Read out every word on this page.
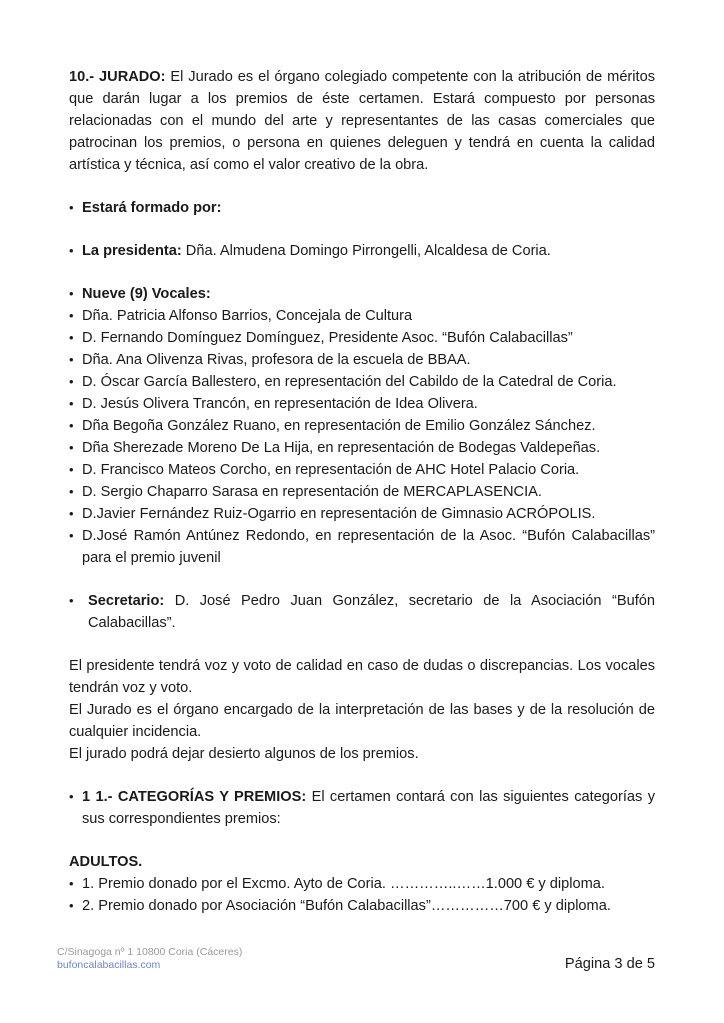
10.- JURADO: El Jurado es el órgano colegiado competente con la atribución de méritos que darán lugar a los premios de éste certamen. Estará compuesto por personas relacionadas con el mundo del arte y representantes de las casas comerciales que patrocinan los premios, o persona en quienes deleguen y tendrá en cuenta la calidad artística y técnica, así como el valor creativo de la obra.

• Estará formado por:

• La presidenta: Dña. Almudena Domingo Pirrongelli, Alcaldesa de Coria.

• Nueve (9) Vocales:

• Dña. Patricia Alfonso Barrios, Concejala de Cultura

• D. Fernando Domínguez Domínguez, Presidente Asoc. “Bufón Calabacillas”

• Dña. Ana Olivenza Rivas, profesora de la escuela de BBAA.

• D. Óscar García Ballestero, en representación del Cabildo de la Catedral de Coria.

• D. Jesús Olivera Trancón, en representación de Idea Olivera.

• Dña Begoña González Ruano, en representación de Emilio González Sánchez.

• Dña Sherezade Moreno De La Hija, en representación de Bodegas Valdepeñas.

• D. Francisco Mateos Corcho, en representación de AHC Hotel Palacio Coria.

• D. Sergio Chaparro Sarasa en representación de MERCAPLASENCIA.

• D.Javier Fernández Ruiz-Ogarrio en representación de Gimnasio ACRÓPOLIS.

• D.José Ramón Antúnez Redondo, en representación de la Asoc. “Bufón Calabacillas” para el premio juvenil

• Secretario: D. José Pedro Juan González, secretario de la Asociación “Bufón Calabacillas”.

El presidente tendrá voz y voto de calidad en caso de dudas o discrepancias. Los vocales tendrán voz y voto.

El Jurado es el órgano encargado de la interpretación de las bases y de la resolución de cualquier incidencia.

El jurado podrá dejar desierto algunos de los premios.

• 1 1.- CATEGORÍAS Y PREMIOS: El certamen contará con las siguientes categorías y sus correspondientes premios:

ADULTOS.

• 1. Premio donado por el Excmo. Ayto de Coria. …………..……1.000 € y diploma.

• 2. Premio donado por Asociación “Bufón Calabacillas”……………700 € y diploma.

C/Sinagoga nº 1 10800 Coria (Cáceres)
bufoncalabacillas.com	Página 3 de 5
